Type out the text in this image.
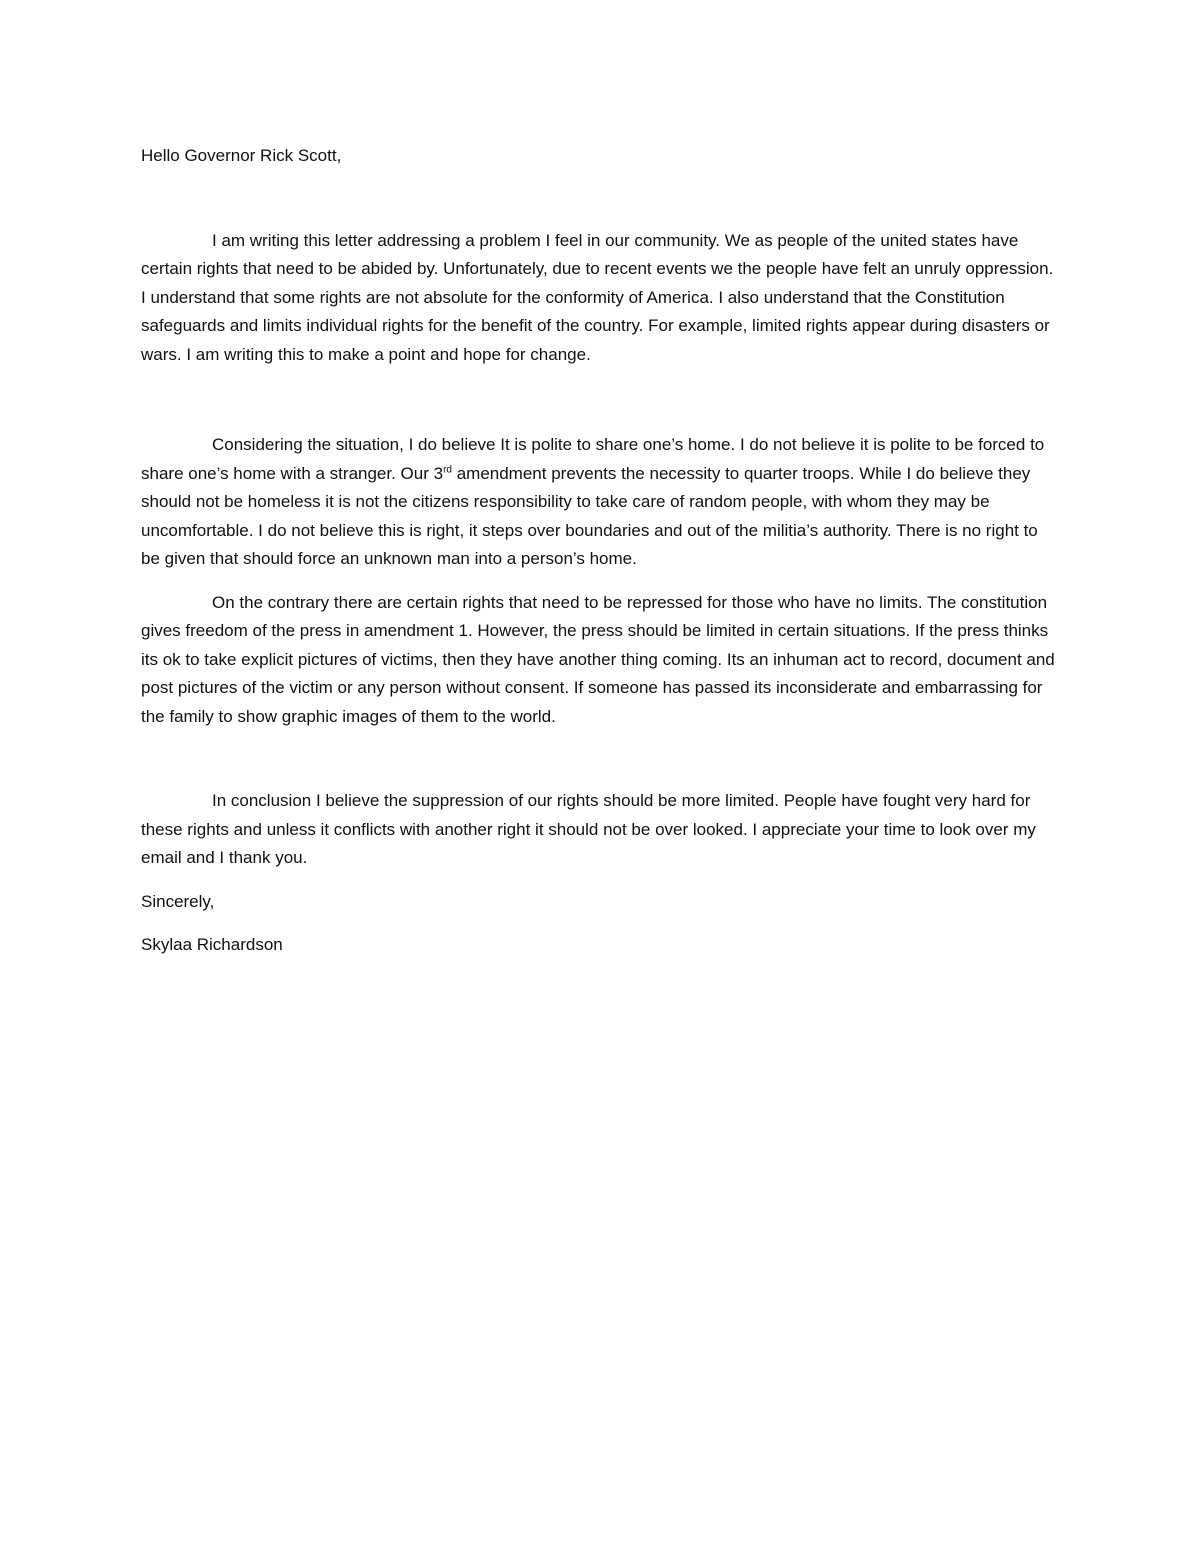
Hello Governor Rick Scott,

I am writing this letter addressing a problem I feel in our community. We as people of the united states have certain rights that need to be abided by. Unfortunately, due to recent events we the people have felt an unruly oppression. I understand that some rights are not absolute for the conformity of America. I also understand that the Constitution safeguards and limits individual rights for the benefit of the country. For example, limited rights appear during disasters or wars. I am writing this to make a point and hope for change.

Considering the situation, I do believe It is polite to share one’s home. I do not believe it is polite to be forced to share one’s home with a stranger. Our 3rd amendment prevents the necessity to quarter troops. While I do believe they should not be homeless it is not the citizens responsibility to take care of random people, with whom they may be uncomfortable. I do not believe this is right, it steps over boundaries and out of the militia’s authority. There is no right to be given that should force an unknown man into a person’s home.

On the contrary there are certain rights that need to be repressed for those who have no limits. The constitution gives freedom of the press in amendment 1. However, the press should be limited in certain situations. If the press thinks its ok to take explicit pictures of victims, then they have another thing coming. Its an inhuman act to record, document and post pictures of the victim or any person without consent. If someone has passed its inconsiderate and embarrassing for the family to show graphic images of them to the world.

In conclusion I believe the suppression of our rights should be more limited. People have fought very hard for these rights and unless it conflicts with another right it should not be over looked. I appreciate your time to look over my email and I thank you.

Sincerely,

Skylaa Richardson
